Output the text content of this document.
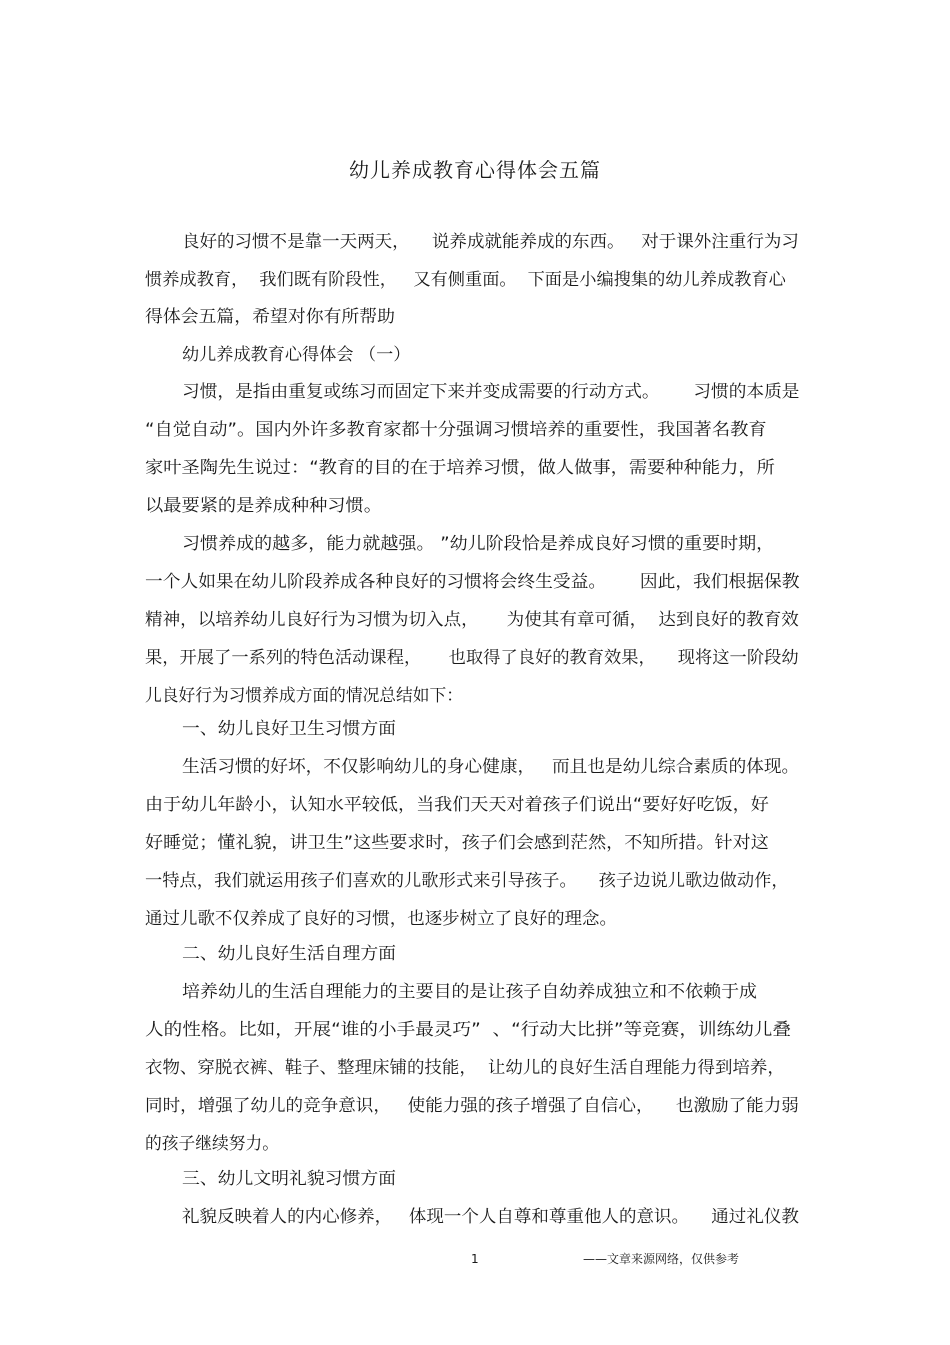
幼儿养成教育心得体会五篇
良好的习惯不是靠一天两天，    说养成就能养成的东西。   对于课外注重行为习
惯养成教育，  我们既有阶段性，   又有侧重面。  下面是小编搜集的幼儿养成教育心
得体会五篇，希望对你有所帮助
幼儿养成教育心得体会 （一）
习惯，是指由重复或练习而固定下来并变成需要的行动方式。      习惯的本质是
“自觉自动”。国内外许多教育家都十分强调习惯培养的重要性，我国著名教育
家叶圣陶先生说过：“教育的目的在于培养习惯，做人做事，需要种种能力，所
以最要紧的是养成种种习惯。
习惯养成的越多，能力就越强。 ”幼儿阶段恰是养成良好习惯的重要时期，
一个人如果在幼儿阶段养成各种良好的习惯将会终生受益。      因此，我们根据保教
精神，以培养幼儿良好行为习惯为切入点，     为使其有章可循，  达到良好的教育效
果，开展了一系列的特色活动课程，     也取得了良好的教育效果，    现将这一阶段幼
儿良好行为习惯养成方面的情况总结如下：
一、幼儿良好卫生习惯方面
生活习惯的好坏，不仅影响幼儿的身心健康，   而且也是幼儿综合素质的体现。
由于幼儿年龄小，认知水平较低，当我们天天对着孩子们说出“要好好吃饭，好
好睡觉；懂礼貌，讲卫生”这些要求时，孩子们会感到茫然，不知所措。针对这
一特点，我们就运用孩子们喜欢的儿歌形式来引导孩子。    孩子边说儿歌边做动作，
通过儿歌不仅养成了良好的习惯，也逐步树立了良好的理念。
二、幼儿良好生活自理方面
培养幼儿的生活自理能力的主要目的是让孩子自幼养成独立和不依赖于成
人的性格。比如，开展“谁的小手最灵巧”  、“行动大比拼”等竞赛，训练幼儿叠
衣物、穿脱衣裤、鞋子、整理床铺的技能，  让幼儿的良好生活自理能力得到培养，
同时，增强了幼儿的竞争意识，   使能力强的孩子增强了自信心，    也激励了能力弱
的孩子继续努力。
三、幼儿文明礼貌习惯方面
礼貌反映着人的内心修养，   体现一个人自尊和尊重他人的意识。    通过礼仪教
1	——文章来源网络，仅供参考
